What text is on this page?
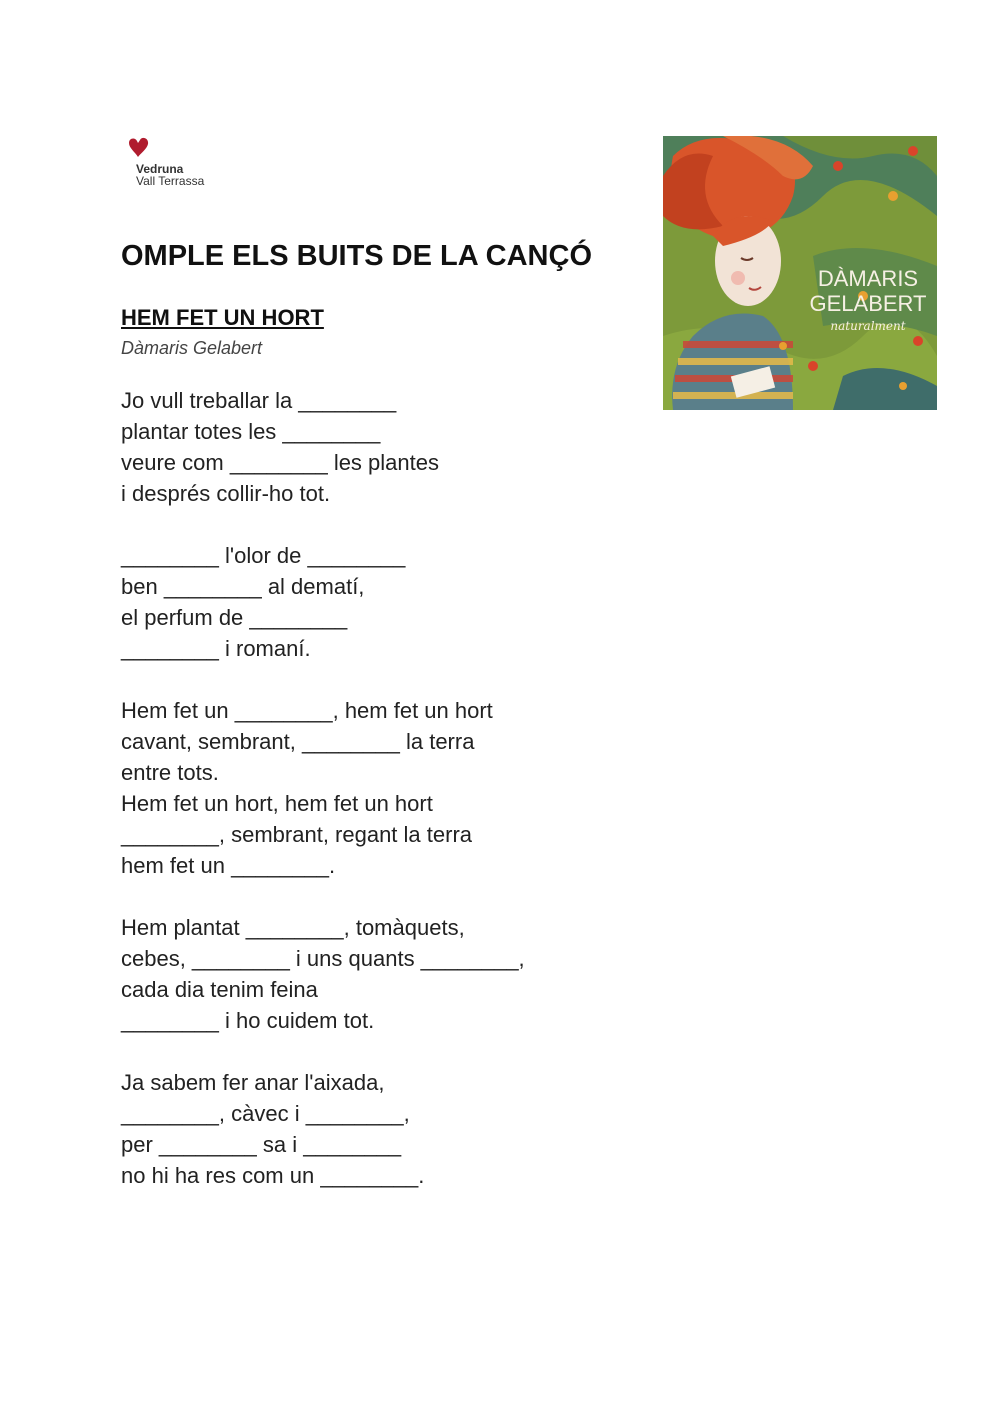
Vedruna
Vall Terrassa
DÀMARIS
GELABERT
naturalment
OMPLE ELS BUITS DE LA CANÇÓ
HEM FET UN HORT
Dàmaris Gelabert
Jo vull treballar la ________
plantar totes les ________
veure com ________ les plantes
i després collir-ho tot.
________ l'olor de ________
ben ________ al dematí,
el perfum de ________
________ i romaní.
Hem fet un ________, hem fet un hort
cavant, sembrant, ________ la terra
entre tots.
Hem fet un hort, hem fet un hort
________, sembrant, regant la terra
hem fet un ________.
Hem plantat ________, tomàquets,
cebes, ________ i uns quants ________,
cada dia tenim feina
________ i ho cuidem tot.
Ja sabem fer anar l'aixada,
________, càvec i ________,
per ________ sa i ________
no hi ha res com un ________.
